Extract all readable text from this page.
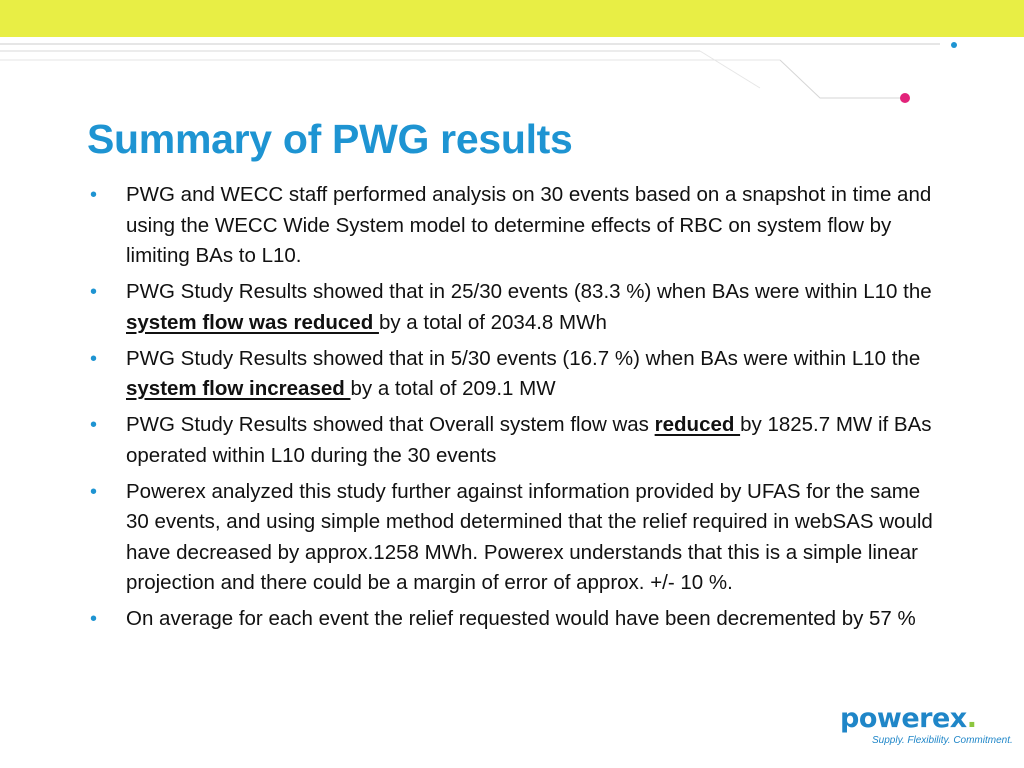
Summary of PWG results
• PWG and WECC staff performed analysis on 30 events based on a snapshot in time and using the WECC Wide System model to determine effects of RBC on system flow by limiting BAs to L10.
• PWG Study Results showed that in 25/30 events (83.3 %) when BAs were within L10 the system flow was reduced by a total of 2034.8 MWh
• PWG Study Results showed that in 5/30 events (16.7 %) when BAs were within L10 the system flow increased by a total of 209.1 MW
• PWG Study Results showed that Overall system flow was reduced by 1825.7 MW if BAs operated within L10 during the 30 events
• Powerex analyzed this study further against information provided by UFAS for the same 30 events, and using simple method determined that the relief required in webSAS would have decreased by approx.1258 MWh. Powerex understands that this is a simple linear projection and there could be a margin of error of approx. +/- 10 %.
• On average for each event the relief requested would have been decremented by 57 %
powerex.
Supply. Flexibility. Commitment.
